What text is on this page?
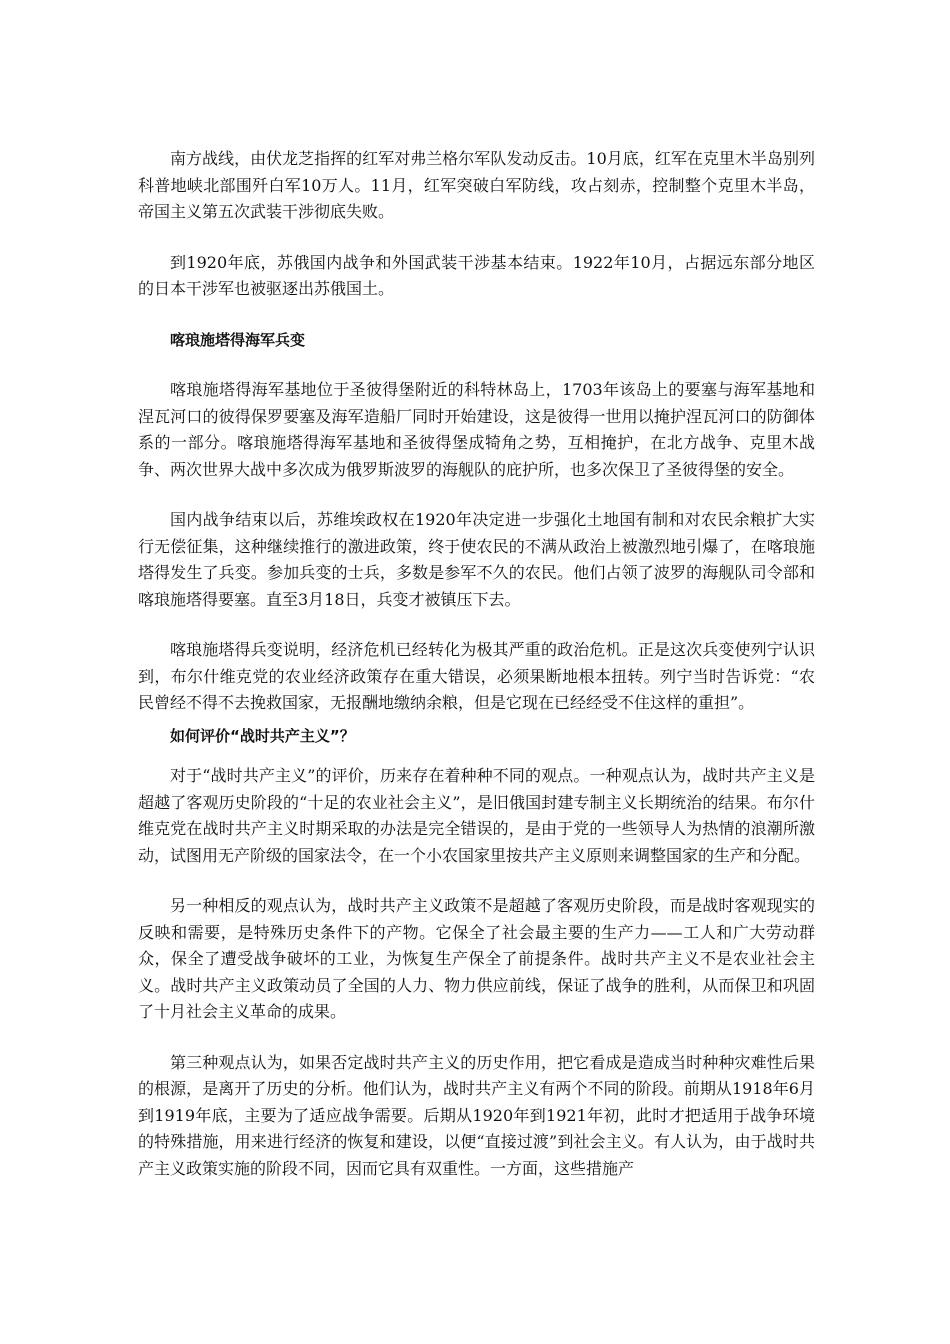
南方战线，由伏龙芝指挥的红军对弗兰格尔军队发动反击。10月底，红军在克里木半岛别列科普地峡北部围歼白军10万人。11月，红军突破白军防线，攻占刻赤，控制整个克里木半岛，帝国主义第五次武装干涉彻底失败。

到1920年底，苏俄国内战争和外国武装干涉基本结束。1922年10月，占据远东部分地区的日本干涉军也被驱逐出苏俄国土。

喀琅施塔得海军兵变

喀琅施塔得海军基地位于圣彼得堡附近的科特林岛上，1703年该岛上的要塞与海军基地和涅瓦河口的彼得保罗要塞及海军造船厂同时开始建设，这是彼得一世用以掩护涅瓦河口的防御体系的一部分。喀琅施塔得海军基地和圣彼得堡成犄角之势，互相掩护，在北方战争、克里木战争、两次世界大战中多次成为俄罗斯波罗的海舰队的庇护所，也多次保卫了圣彼得堡的安全。

国内战争结束以后，苏维埃政权在1920年决定进一步强化土地国有制和对农民余粮扩大实行无偿征集，这种继续推行的激进政策，终于使农民的不满从政治上被激烈地引爆了，在喀琅施塔得发生了兵变。参加兵变的士兵，多数是参军不久的农民。他们占领了波罗的海舰队司令部和喀琅施塔得要塞。直至3月18日，兵变才被镇压下去。

喀琅施塔得兵变说明，经济危机已经转化为极其严重的政治危机。正是这次兵变使列宁认识到，布尔什维克党的农业经济政策存在重大错误，必须果断地根本扭转。列宁当时告诉党：“农民曾经不得不去挽救国家，无报酬地缴纳余粮，但是它现在已经经受不住这样的重担”。

如何评价“战时共产主义”？

对于“战时共产主义”的评价，历来存在着种种不同的观点。一种观点认为，战时共产主义是超越了客观历史阶段的“十足的农业社会主义”，是旧俄国封建专制主义长期统治的结果。布尔什维克党在战时共产主义时期采取的办法是完全错误的，是由于党的一些领导人为热情的浪潮所激动，试图用无产阶级的国家法令，在一个小农国家里按共产主义原则来调整国家的生产和分配。

另一种相反的观点认为，战时共产主义政策不是超越了客观历史阶段，而是战时客观现实的反映和需要，是特殊历史条件下的产物。它保全了社会最主要的生产力——工人和广大劳动群众，保全了遭受战争破坏的工业，为恢复生产保全了前提条件。战时共产主义不是农业社会主义。战时共产主义政策动员了全国的人力、物力供应前线，保证了战争的胜利，从而保卫和巩固了十月社会主义革命的成果。

第三种观点认为，如果否定战时共产主义的历史作用，把它看成是造成当时种种灾难性后果的根源，是离开了历史的分析。他们认为，战时共产主义有两个不同的阶段。前期从1918年6月到1919年底，主要为了适应战争需要。后期从1920年到1921年初，此时才把适用于战争环境的特殊措施，用来进行经济的恢复和建设，以便“直接过渡”到社会主义。有人认为，由于战时共产主义政策实施的阶段不同，因而它具有双重性。一方面，这些措施产
